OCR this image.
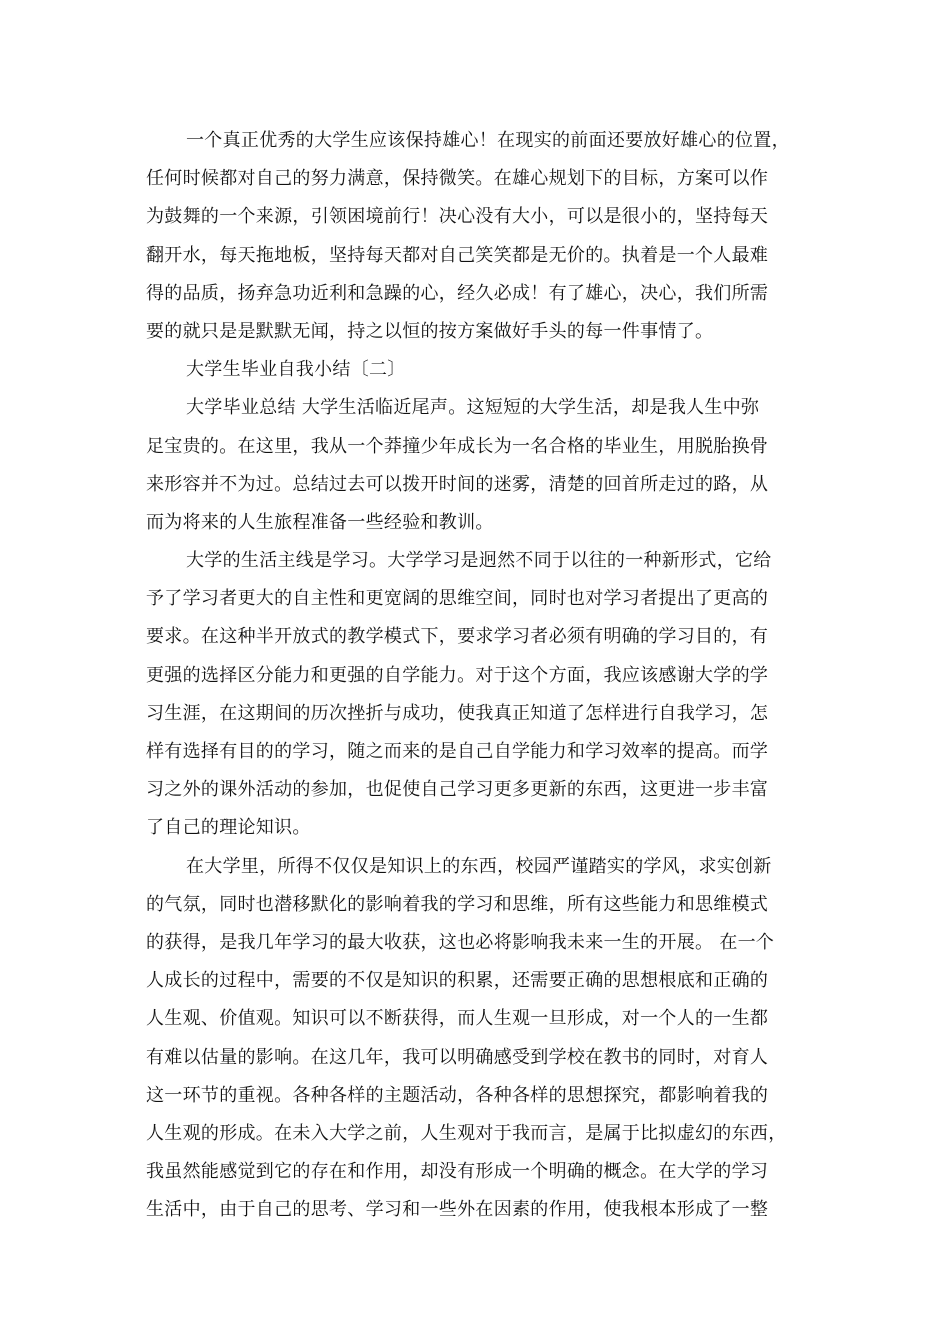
一个真正优秀的大学生应该保持雄心！在现实的前面还要放好雄心的位置，
任何时候都对自己的努力满意，保持微笑。在雄心规划下的目标，方案可以作
为鼓舞的一个来源，引领困境前行！决心没有大小，可以是很小的，坚持每天
翻开水，每天拖地板，坚持每天都对自己笑笑都是无价的。执着是一个人最难
得的品质，扬弃急功近利和急躁的心，经久必成！有了雄心，决心，我们所需
要的就只是是默默无闻，持之以恒的按方案做好手头的每一件事情了。
大学生毕业自我小结〔二〕
大学毕业总结 大学生活临近尾声。这短短的大学生活，却是我人生中弥
足宝贵的。在这里，我从一个莽撞少年成长为一名合格的毕业生，用脱胎换骨
来形容并不为过。总结过去可以拨开时间的迷雾，清楚的回首所走过的路，从
而为将来的人生旅程准备一些经验和教训。
大学的生活主线是学习。大学学习是迥然不同于以往的一种新形式，它给
予了学习者更大的自主性和更宽阔的思维空间，同时也对学习者提出了更高的
要求。在这种半开放式的教学模式下，要求学习者必须有明确的学习目的，有
更强的选择区分能力和更强的自学能力。对于这个方面，我应该感谢大学的学
习生涯，在这期间的历次挫折与成功，使我真正知道了怎样进行自我学习，怎
样有选择有目的的学习，随之而来的是自己自学能力和学习效率的提高。而学
习之外的课外活动的参加，也促使自己学习更多更新的东西，这更进一步丰富
了自己的理论知识。
在大学里，所得不仅仅是知识上的东西，校园严谨踏实的学风，求实创新
的气氛，同时也潜移默化的影响着我的学习和思维，所有这些能力和思维模式
的获得，是我几年学习的最大收获，这也必将影响我未来一生的开展。 在一个
人成长的过程中，需要的不仅是知识的积累，还需要正确的思想根底和正确的
人生观、价值观。知识可以不断获得，而人生观一旦形成，对一个人的一生都
有难以估量的影响。在这几年，我可以明确感受到学校在教书的同时，对育人
这一环节的重视。各种各样的主题活动，各种各样的思想探究，都影响着我的
人生观的形成。在未入大学之前，人生观对于我而言，是属于比拟虚幻的东西，
我虽然能感觉到它的存在和作用，却没有形成一个明确的概念。在大学的学习
生活中，由于自己的思考、学习和一些外在因素的作用，使我根本形成了一整
